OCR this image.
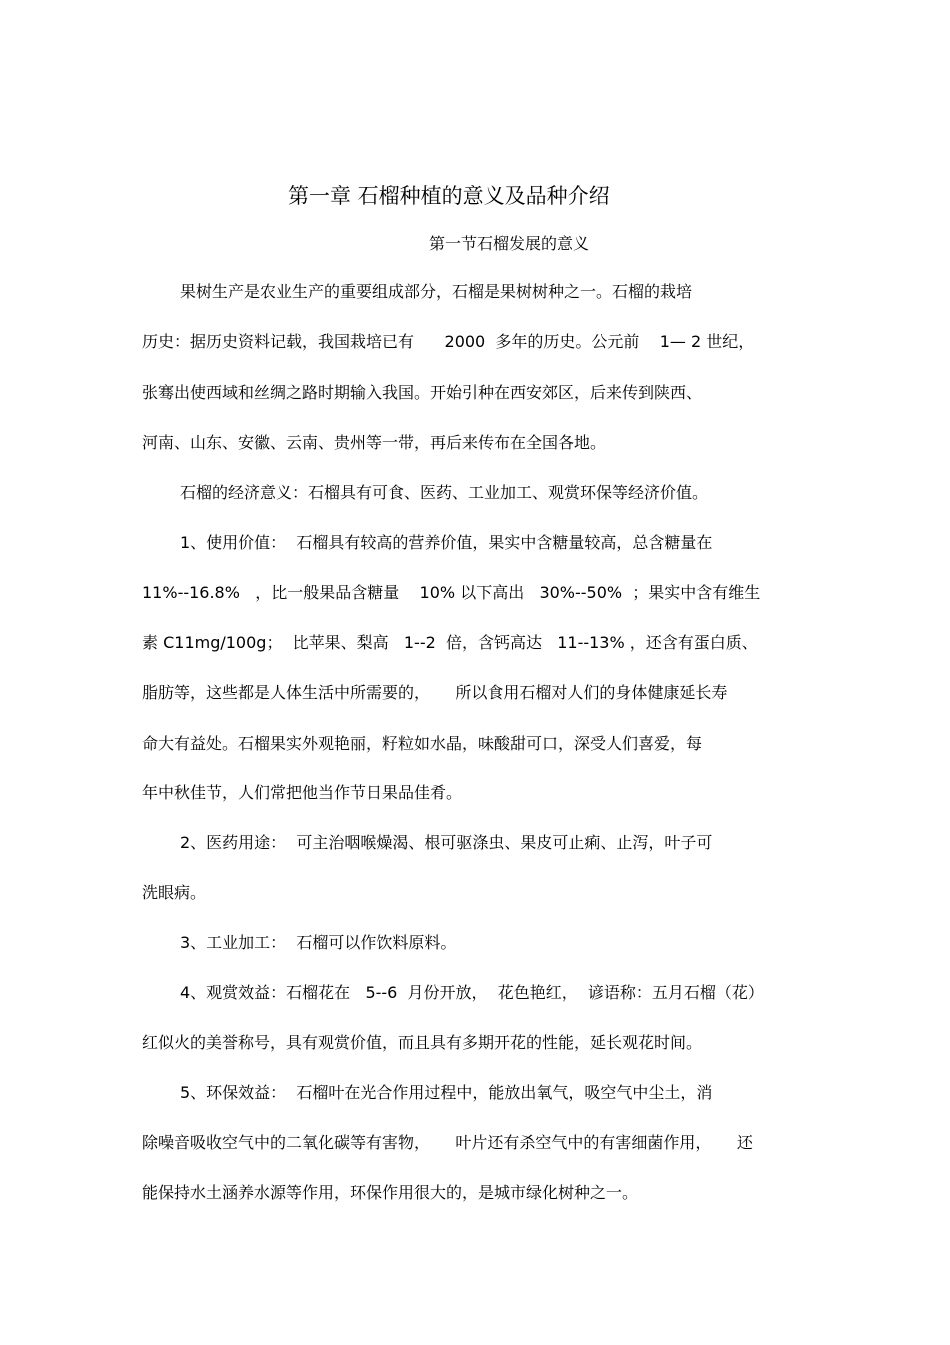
第一章 石榴种植的意义及品种介绍
第一节石榴发展的意义
果树生产是农业生产的重要组成部分，石榴是果树树种之一。石榴的栽培
历史：据历史资料记载，我国栽培已有      2000  多年的历史。公元前    1— 2 世纪，
张骞出使西域和丝绸之路时期输入我国。开始引种在西安郊区，后来传到陕西、
河南、山东、安徽、云南、贵州等一带，再后来传布在全国各地。
石榴的经济意义：石榴具有可食、医药、工业加工、观赏环保等经济价值。
1、使用价值：  石榴具有较高的营养价值，果实中含糖量较高，总含糖量在
11%--16.8%   ，比一般果品含糖量    10% 以下高出   30%--50%  ；果实中含有维生
素 C11mg/100g；  比苹果、梨高   1--2  倍，含钙高达   11--13% ，还含有蛋白质、
脂肪等，这些都是人体生活中所需要的，     所以食用石榴对人们的身体健康延长寿
命大有益处。石榴果实外观艳丽，籽粒如水晶，味酸甜可口，深受人们喜爱，每
年中秋佳节，人们常把他当作节日果品佳肴。
2、医药用途：  可主治咽喉燥渴、根可驱涤虫、果皮可止痢、止泻，叶子可
洗眼病。
3、工业加工：  石榴可以作饮料原料。
4、观赏效益：石榴花在   5--6  月份开放，  花色艳红，  谚语称：五月石榴（花）
红似火的美誉称号，具有观赏价值，而且具有多期开花的性能，延长观花时间。
5、环保效益：  石榴叶在光合作用过程中，能放出氧气，吸空气中尘土，消
除噪音吸收空气中的二氧化碳等有害物，     叶片还有杀空气中的有害细菌作用，     还
能保持水土涵养水源等作用，环保作用很大的，是城市绿化树种之一。
